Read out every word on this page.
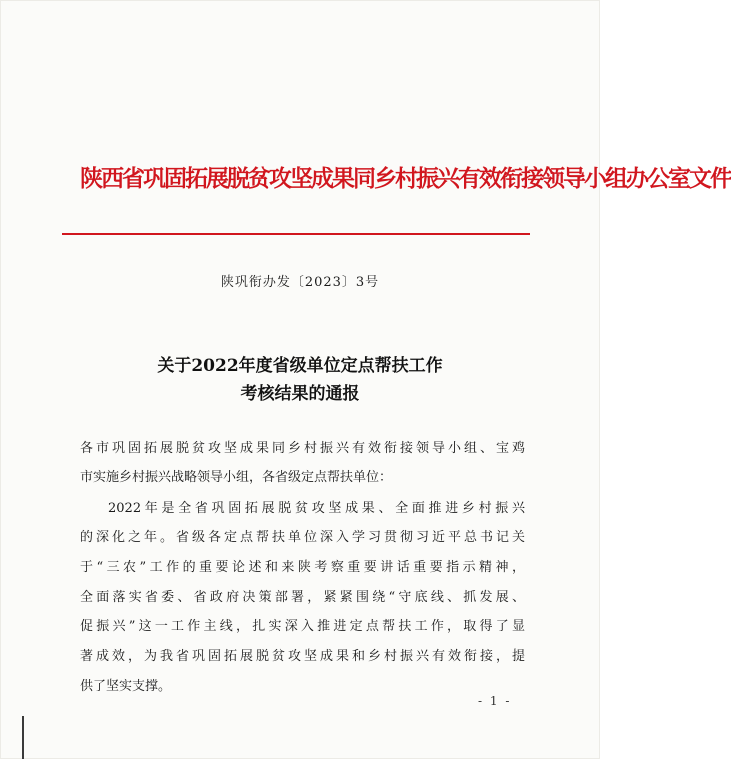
陕西省巩固拓展脱贫攻坚成果同乡村振兴有效衔接领导小组办公室文件
陕巩衔办发〔2023〕3号
关于2022年度省级单位定点帮扶工作
考核结果的通报
各市巩固拓展脱贫攻坚成果同乡村振兴有效衔接领导小组、宝鸡
市实施乡村振兴战略领导小组，各省级定点帮扶单位：
2022年是全省巩固拓展脱贫攻坚成果、全面推进乡村振兴
的深化之年。省级各定点帮扶单位深入学习贯彻习近平总书记关
于“三农”工作的重要论述和来陕考察重要讲话重要指示精神，
全面落实省委、省政府决策部署，紧紧围绕“守底线、抓发展、
促振兴”这一工作主线，扎实深入推进定点帮扶工作，取得了显
著成效，为我省巩固拓展脱贫攻坚成果和乡村振兴有效衔接，提
供了坚实支撑。
- 1 -
